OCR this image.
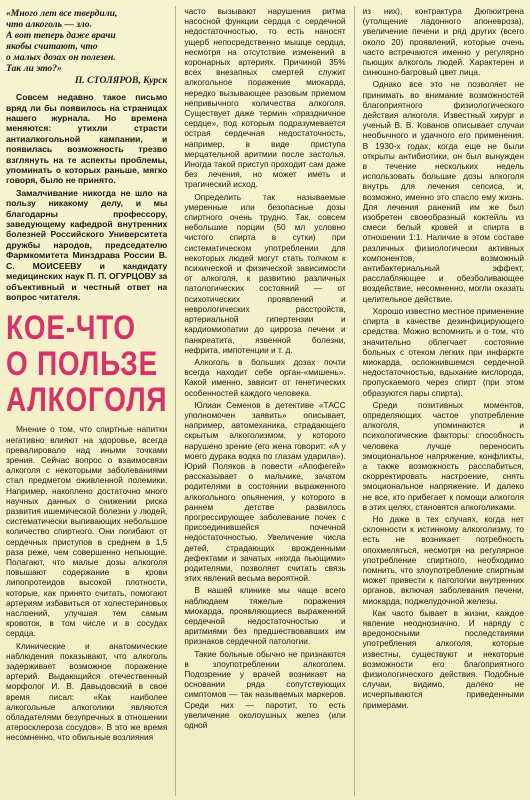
«Много лет все твердили,
что алкоголь — зло.
А вот теперь даже врачи
якобы считают, что
о малых дозах он полезен.
Так ли это?»
П. СТОЛЯРОВ, Курск

Совсем недавно такое письмо вряд ли бы появилось на страницах нашего журнала. Но времена меняются: утихли страсти антиалкогольной кампании, и появилась возможность трезво взглянуть на те аспекты проблемы, упоминать о которых раньше, мягко говоря, было не принято.

Замалчивание никогда не шло на пользу никакому делу, и мы благодарны профессору, заведующему кафедрой внутренних болезней Российского Университета дружбы народов, председателю Фармкомитета Минздрава России В. С. МОИСЕЕВУ и кандидату медицинских наук П. П. ОГУРЦОВУ за объективный и честный ответ на вопрос читателя.

КОЕ-ЧТО
О ПОЛЬЗЕ
АЛКОГОЛЯ

Мнение о том, что спиртные напитки негативно влияют на здоровье, всегда превалировало над иными точками зрения. Сейчас вопрос о взаимосвязи алкоголя с некоторыми заболеваниями стал предметом оживленной полемики. Например, накоплено достаточно много научных данных о снижении риска развития ишемической болезни у людей, систематически выпивающих небольшое количество спиртного. Они погибают от сердечных приступов в среднем в 1,5 раза реже, чем совершенно непьющие. Полагают, что малые дозы алкоголя повышают содержание в крови липопротеидов высокой плотности, которые, как принято считать, помогают артериям избавиться от холестериновых наслоений, улучшая тем самым кровоток, в том числе и в сосудах сердца.

Клинические и анатомические наблюдения показывают, что алкоголь задерживает возможное поражение артерий. Выдающийся отечественный морфолог И. В. Давыдовский в свое время писал: «Как наиболее алкогольные алкоголики являются обладателями безупречных в отношении атеросклероза сосудов». В это же время несомненно, что обильные возлияния

часто вызывают нарушения ритма насосной функции сердца с сердечной недостаточностью, то есть наносят ущерб непосредственно мышце сердца, несмотря на отсутствие изменений в коронарных артериях. Причиной 35% всех внезапных смертей служит алкогольное поражение миокарда, нередко вызывающее разовым приемом непривычного количества алкоголя. Существует даже термин «праздничное сердце», под которым подразумевается острая сердечная недостаточность, например, в виде приступа мерцательной аритмии после застолья. Иногда такой приступ проходит сам даже без лечения, но может иметь и трагический исход.

Определить так называемые умеренные или безопасные дозы спиртного очень трудно. Так, совсем небольшие порции (50 мл условно чистого спирта в сутки) при систематическом употреблении для некоторых людей могут стать толчком к психической и физической зависимости от алкоголя, к развитию различных патологических состояний — от психотических проявлений и неврологических расстройств, артериальной гипертензии и кардиомиопатии до цирроза печени и панкреатита, язвенной болезни, нефрита, импотенции и т. д.

Алкоголь в больших дозах почти всегда находит себе орган-«мишень». Какой именно, зависит от генетических особенностей каждого человека.

Юлиан Семенов в детективе «ТАСС уполномочен заявить» описывает, например, автомеханика, страдающего скрытым алкоголизмом, у которого нарушено зрение (его жена говорит: «А у моего дурака водка по глазам ударила»). Юрий Поляков в повести «Апофегей» рассказывает о мальчике, зачатом родителями в состоянии выраженного алкогольного опьянения, у которого в раннем детстве развилось прогрессирующее заболевание почек с присоединившейся почечной недостаточностью. Увеличение числа детей, страдающих врожденными дефектами и зачатых «когда пьющими» родителями, позволяет считать связь этих явлений весьма вероятной.

В нашей клинике мы чаще всего наблюдаем тяжелые поражения миокарда, проявляющиеся выраженной сердечной недостаточностью и аритмиями без предшествовавших им признаков сердечной патологии.

Такие больные обычно не признаются в злоупотреблении алкоголем. Подозрение у врачей возникает на основании ряда сопутствующих симптомов — так называемых маркеров. Среди них — паротит, то есть увеличение околоушных желез (или одной

из них), контрактура Дюпюитрена (утолщение ладонного апоневроза), увеличение печени и ряд других (всего около 20) проявлений, которые очень часто встречаются именно у регулярно пьющих алкоголь людей. Характерен и синюшно-багровый цвет лица.

Однако все это не позволяет не принимать во внимание возможностей благоприятного физиологического действия алкоголя. Известный хирург и ученый В. В. Кованов описывает случаи необычного и удачного его применения. В 1930-х годах, когда еще не были открыты антибиотики, он был вынужден в течение нескольких недель использовать большие дозы алкоголя внутрь для лечения сепсиса, и, возможно, именно это спасло ему жизнь. Для лечения ранений им же был изобретен своеобразный коктейль из смеси белый кровей и спирта в отношении 1:1. Наличие в этом составе различных физиологически активных компонентов, возможный антибактериальный эффект, расслабляющее и обезболивающее воздействие, несомненно, могли оказать целительное действие.

Хорошо известно местное применение спирта в качестве дезинфицирующего средства. Можно вспомнить и о том, что значительно облегчает состояние больных с отеком легких при инфаркте миокарда, осложнившемся сердечной недостаточностью, вдыхание кислорода, пропускаемого через спирт (при этом образуются пары спирта).

Среди позитивных моментов, определяющих частое употребление алкоголя, упоминаются и психологические факторы: способность человека лучше переносить эмоциональное напряжение, конфликты, а также возможность расслабиться, скорректировать настроение, снять эмоциональное напряжение. И далеко не все, кто прибегает к помощи алкоголя в этих целях, становятся алкоголиками.

Но даже в тех случаях, когда нет склонности к истинному алкоголизму, то есть не возникает потребность опохмеляться, несмотря на регулярное употребление спиртного, необходимо помнить, что злоупотребление спиртным может привести к патологии внутренних органов, включая заболевания печени, миокарда, поджелудочной железы.

Как часто бывает в жизни, каждое явление неоднозначно. И наряду с вредоносными последствиями употребления алкоголя, которые известны, существуют и некоторые возможности его благоприятного физиологического действия. Подобные случаи, видимо, далеко не исчерпываются приведенными примерами.
